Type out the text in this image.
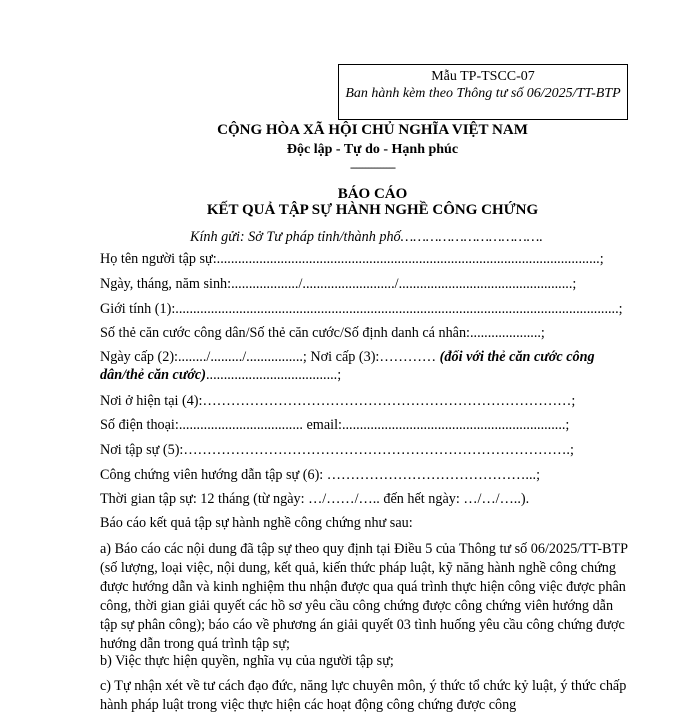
Mẫu TP-TSCC-07
Ban hành kèm theo Thông tư số 06/2025/TT-BTP
CỘNG HÒA XÃ HỘI CHỦ NGHĨA VIỆT NAM
Độc lập - Tự do - Hạnh phúc
---------------
BÁO CÁO
KẾT QUẢ TẬP SỰ HÀNH NGHỀ CÔNG CHỨNG
Kính gửi: Sở Tư pháp tỉnh/thành phố…………………………….
Họ tên người tập sự:............................................................................................................;
Ngày, tháng, năm sinh:.................../........................../.................................................;
Giới tính (1):.............................................................................................................................;
Số thẻ căn cước công dân/Số thẻ căn cước/Số định danh cá nhân:....................;
Ngày cấp (2):......../........./................; Nơi cấp (3):………… (đối với thẻ căn cước công
dân/thẻ căn cước).....................................;
Nơi ở hiện tại (4):……………………………………………………………………;
Số điện thoại:................................... email:...............................................................;
Nơi tập sự (5):……………………………………………………………………….;
Công chứng viên hướng dẫn tập sự (6): ……………………………………...;
Thời gian tập sự: 12 tháng (từ ngày: …/……/….. đến hết ngày: …/…/…..).
Báo cáo kết quả tập sự hành nghề công chứng như sau:
a) Báo cáo các nội dung đã tập sự theo quy định tại Điều 5 của Thông tư số 06/2025/TT-BTP (số lượng, loại việc, nội dung, kết quả, kiến thức pháp luật, kỹ năng hành nghề công chứng được hướng dẫn và kinh nghiệm thu nhận được qua quá trình thực hiện công việc được phân công, thời gian giải quyết các hồ sơ yêu cầu công chứng được công chứng viên hướng dẫn tập sự phân công); báo cáo về phương án giải quyết 03 tình huống yêu cầu công chứng được hướng dẫn trong quá trình tập sự;
b) Việc thực hiện quyền, nghĩa vụ của người tập sự;
c) Tự nhận xét về tư cách đạo đức, năng lực chuyên môn, ý thức tổ chức kỷ luật, ý thức chấp hành pháp luật trong việc thực hiện các hoạt động công chứng được công
